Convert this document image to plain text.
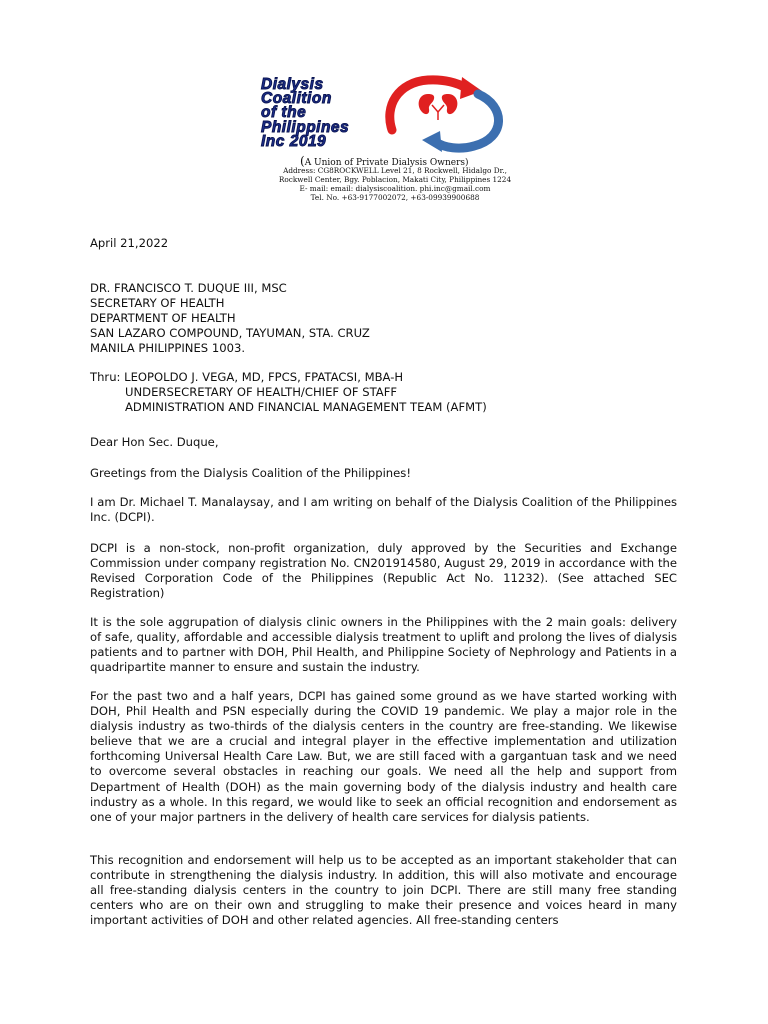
Dialysis
Coalition
of the
Philippines
Inc 2019
(A Union of Private Dialysis Owners)
Address: CG8ROCKWELL Level 21, 8 Rockwell, Hidalgo Dr.,
Rockwell Center, Bgy. Poblacion, Makati City, Philippines 1224
E- mail: email: dialysiscoalition. phi.inc@gmail.com
Tel. No. +63-9177002072, +63-09939900688
April 21,2022
DR. FRANCISCO T. DUQUE III, MSC
SECRETARY OF HEALTH
DEPARTMENT OF HEALTH
SAN LAZARO COMPOUND, TAYUMAN, STA. CRUZ
MANILA PHILIPPINES 1003.
Thru: LEOPOLDO J. VEGA, MD, FPCS, FPATACSI, MBA-H
UNDERSECRETARY OF HEALTH/CHIEF OF STAFF
ADMINISTRATION AND FINANCIAL MANAGEMENT TEAM (AFMT)
Dear Hon Sec. Duque,
Greetings from the Dialysis Coalition of the Philippines!

I am Dr. Michael T. Manalaysay, and I am writing on behalf of the Dialysis Coalition of the Philippines Inc. (DCPI).

DCPI is a non-stock, non-profit organization, duly approved by the Securities and Exchange Commission under company registration No. CN201914580, August 29, 2019 in accordance with the Revised Corporation Code of the Philippines (Republic Act No. 11232). (See attached SEC Registration)

It is the sole aggrupation of dialysis clinic owners in the Philippines with the 2 main goals: delivery of safe, quality, affordable and accessible dialysis treatment to uplift and prolong the lives of dialysis patients and to partner with DOH, Phil Health, and Philippine Society of Nephrology and Patients in a quadripartite manner to ensure and sustain the industry.

For the past two and a half years, DCPI has gained some ground as we have started working with DOH, Phil Health and PSN especially during the COVID 19 pandemic. We play a major role in the dialysis industry as two-thirds of the dialysis centers in the country are free-standing. We likewise believe that we are a crucial and integral player in the effective implementation and utilization forthcoming Universal Health Care Law. But, we are still faced with a gargantuan task and we need to overcome several obstacles in reaching our goals. We need all the help and support from Department of Health (DOH) as the main governing body of the dialysis industry and health care industry as a whole. In this regard, we would like to seek an official recognition and endorsement as one of your major partners in the delivery of health care services for dialysis patients.

This recognition and endorsement will help us to be accepted as an important stakeholder that can contribute in strengthening the dialysis industry. In addition, this will also motivate and encourage all free-standing dialysis centers in the country to join DCPI. There are still many free standing centers who are on their own and struggling to make their presence and voices heard in many important activities of DOH and other related agencies. All free-standing centers
